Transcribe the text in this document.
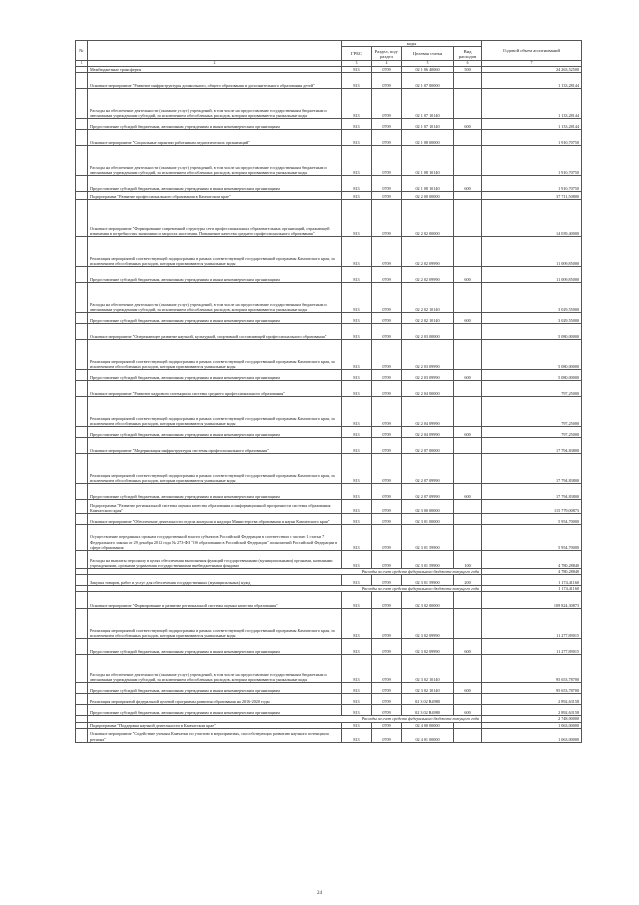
№		коды				Годовой объем ассигнований
		ГРБС	Раздел, под-раздел	Целевая статья	Вид расходов	
1	2	3	4	5	6	7
	Межбюджетные трансферты	813	0709	02 1 06 40060	500	24 263,52500
	Основное мероприятие "Развитие инфраструктуры дошкольного, общего образования и дополнительного образования детей"	813	0709	02 1 07 00000		1 133,28144
	Расходы на обеспечение деятельности (оказание услуг) учреждений, в том числе на предоставление государственным бюджетным и автономным учреждениям субсидий, за исключением обособленных расходов, которым присваиваются уникальные коды	813	0709	02 1 07 10140		1 133,28144
	Предоставление субсидий бюджетным, автономным учреждениям и иным некоммерческим организациям	813	0709	02 1 07 10140	600	1 133,28144
	Основное мероприятие "Социальные гарантии работникам педагогических организаций"	813	0709	02 1 08 00000		1 910,70750
	Расходы на обеспечение деятельности (оказание услуг) учреждений, в том числе на предоставление государственным бюджетным и автономным учреждениям субсидий, за исключением обособленных расходов, которым присваиваются уникальные коды	813	0709	02 1 08 10140		1 910,70750
	Предоставление субсидий бюджетным, автономным учреждениям и иным некоммерческим организациям	813	0709	02 1 08 10140	600	1 910,70750
	Подпрограмма "Развитие профессионального образования в Камчатском крае"	813	0709	02 2 00 00000		37 711,50800
	Основное мероприятие "Формирование современной структуры сети профессиональных образовательных организаций, отражающей изменения в потребностях экономики и запросах населения. Повышение качества среднего профессионального образования"	813	0709	02 2 02 00000		14 039,40000
	Реализация мероприятий соответствующей подпрограммы в рамках соответствующей государственной программы Камчатского края, за исключением обособленных расходов, которым присваиваются уникальные коды	813	0709	02 2 02 09990		11 009,85000
	Предоставление субсидий бюджетным, автономным учреждениям и иным некоммерческим организациям	813	0709	02 2 02 09990	600	11 009,85000
	Расходы на обеспечение деятельности (оказание услуг) учреждений, в том числе на предоставление государственным бюджетным и автономным учреждениям субсидий, за исключением обособленных расходов, которым присваиваются уникальные коды	813	0709	02 2 02 10140		3 029,55000
	Предоставление субсидий бюджетным, автономным учреждениям и иным некоммерческим организациям	813	0709	02 2 02 10140	600	3 029,55000
	Основное мероприятие "Опережающее развитие научной, культурной, спортивной составляющей профессионального образования"	813	0709	02 2 03 00000		5 080,00000
	Реализация мероприятий соответствующей подпрограммы в рамках соответствующей государственной программы Камчатского края, за исключением обособленных расходов, которым присваиваются уникальные коды	813	0709	02 2 03 09990		5 080,00000
	Предоставление субсидий бюджетным, автономным учреждениям и иным некоммерческим организациям	813	0709	02 2 03 09990	600	5 080,00000
	Основное мероприятие "Развитие кадрового потенциала системы среднего профессионального образования"	813	0709	02 2 04 00000		797,25000
	Реализация мероприятий соответствующей подпрограммы в рамках соответствующей государственной программы Камчатского края, за исключением обособленных расходов, которым присваиваются уникальные коды	813	0709	02 2 04 09990		797,25000
	Предоставление субсидий бюджетным, автономным учреждениям и иным некоммерческим организациям	813	0709	02 2 04 09990	600	797,25000
	Основное мероприятие "Модернизация инфраструктуры системы профессионального образования"	813	0709	02 2 07 00000		17 794,83800
	Реализация мероприятий соответствующей подпрограммы в рамках соответствующей государственной программы Камчатского края, за исключением обособленных расходов, которым присваиваются уникальные коды	813	0709	02 2 07 09990		17 794,83800
	Предоставление субсидий бюджетным, автономным учреждениям и иным некоммерческим организациям	813	0709	02 2 07 09990	600	17 794,83800
	Подпрограмма "Развитие региональной системы оценки качества образования и информационной прозрачности системы образования Камчатского края"	813	0709	02 3 00 00000		115 779,00873
	Основное мероприятие "Обеспечение деятельности отдела контроля и надзора Министерства образования и науки Камчатского края"	813	0709	02 3 01 00000		5 954,70000
	Осуществление переданных органам государственной власти субъектов Российской Федерации в соответствии с частью 1 статьи 7 Федерального закона от 29 декабря 2012 года № 273-ФЗ "Об образовании в Российской Федерации" полномочий Российской Федерации в сфере образования	813	0709	02 3 01 59900		5 954,70000
	Расходы на выплаты персоналу в целях обеспечения выполнения функций государственными (муниципальными) органами, казенными учреждениями, органами управления государственными внебюджетными фондами	813	0709	02 3 01 59900	100	4 780,28840
	Расходы за счет средств федерального бюджета текущего года					4 780,28840
	Закупка товаров, работ и услуг для обеспечения государственных (муниципальных) нужд	813	0709	02 3 01 59900	200	1 174,41160
	Расходы за счет средств федерального бюджета текущего года					1 174,41160
	Основное мероприятие "Формирование и развитие региональной системы оценки качества образования"	813	0709	02 3 02 00000		109 824,30873
	Реализация мероприятий соответствующей подпрограммы в рамках соответствующей государственной программы Камчатского края, за исключением обособленных расходов, которым присваиваются уникальные коды	813	0709	02 3 02 09990		11 277,89015
	Предоставление субсидий бюджетным, автономным учреждениям и иным некоммерческим организациям	813	0709	02 3 02 09990	600	11 277,89015
	Расходы на обеспечение деятельности (оказание услуг) учреждений, в том числе на предоставление государственным бюджетным и автономным учреждениям субсидий, за исключением обособленных расходов, которым присваиваются уникальные коды	813	0709	02 3 02 10140		95 653,78700
	Предоставление субсидий бюджетным, автономным учреждениям и иным некоммерческим организациям	813	0709	02 3 02 10140	600	95 653,78700
	Реализация мероприятий федеральной целевой программы развития образования на 2016-2020 годы	813	0709	02 3 02 R4980		2 892,63158
	Предоставление субсидий бюджетным, автономным учреждениям и иным некоммерческим организациям	813	0709	02 3 02 R4980	600	2 892,63158
	Расходы за счет средств федерального бюджета текущего года					2 748,00000
	Подпрограмма "Поддержка научной деятельности в Камчатском крае"	813	0709	02 4 00 00000		1 063,00000
	Основное мероприятие "Содействие ученым Камчатки по участию в мероприятиях, способствующих развитию научного потенциала региона"	813	0709	02 4 01 00000		1 063,00000
24
